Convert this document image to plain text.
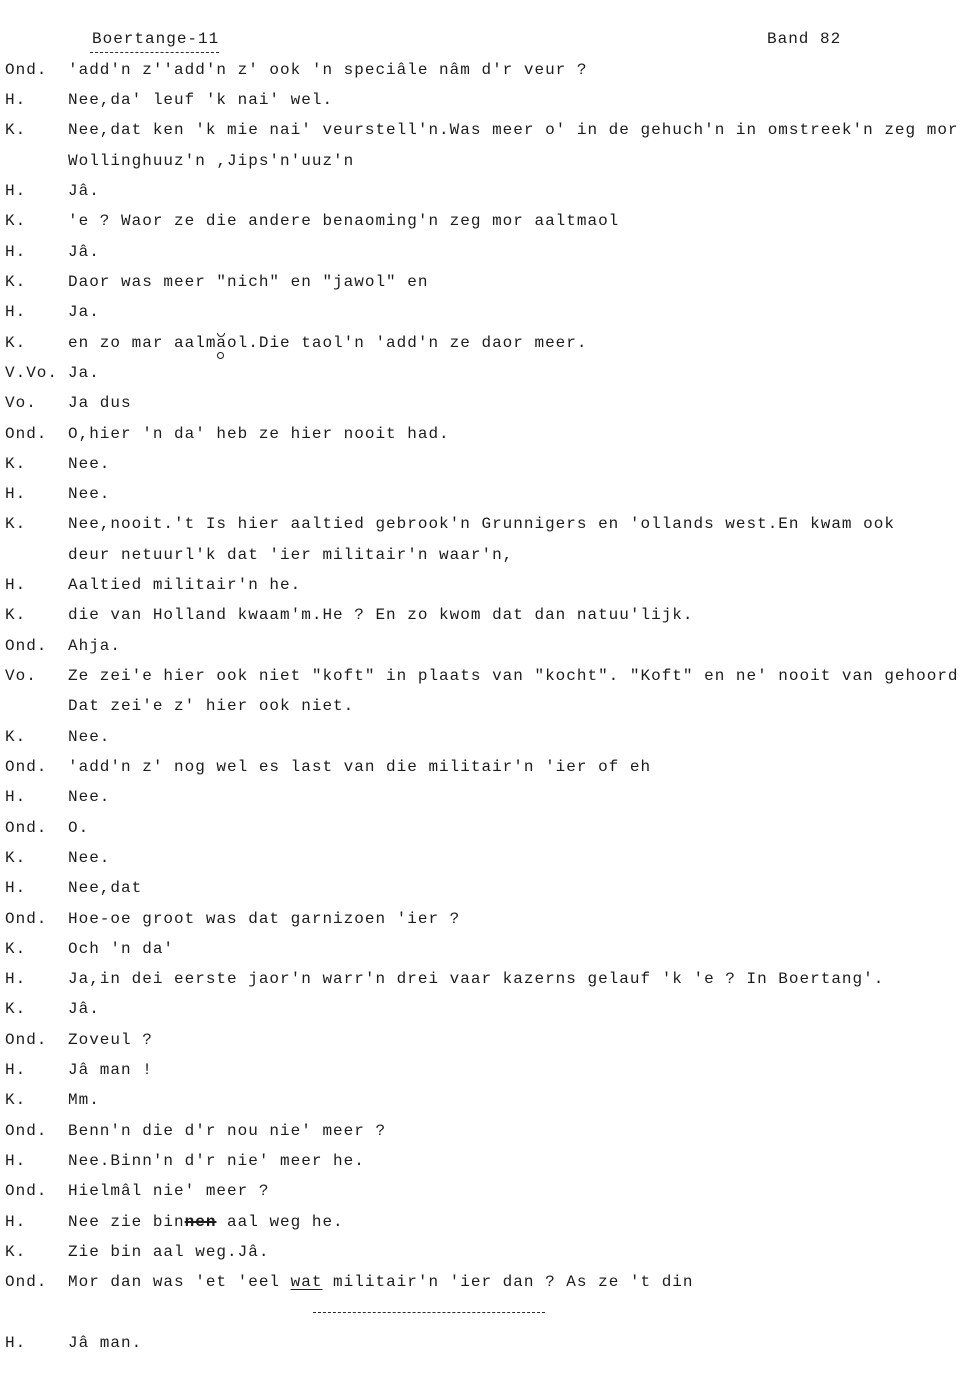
Boertange-11	Band 82
Ond. 'add'n z''add'n z' ook 'n speciâle nâm d'r veur ?
H.	Nee,da' leuf 'k nai' wel.
K.	Nee,dat ken 'k mie nai' veurstell'n.Was meer o' in de gehuch'n in omstreek'n zeg mor
Wollinghuuz'n ,Jips'n'uuz'n
H.	Jâ.
K.	'e ? Waor ze die andere benaoming'n zeg mor aaltmaol
H.	Jâ.
K.	Daor was meer "nich" en "jawol" en
H.	Ja.
K.	en zo mar aalmaol.Die taol'n 'add'n ze daor meer.
V.Vo. Ja.
Vo. Ja dus
Ond. O,hier 'n da' heb ze hier nooit had.
K.	Nee.
H.	Nee.
K.	Nee,nooit.'t Is hier aaltied gebrook'n Grunnigers en 'ollands west.En kwam ook
deur netuurl'k dat 'ier militair'n waar'n,
H.	Aaltied militair'n he.
K.	die van Holland kwaam'm.He ? En zo kwom dat dan natuu'lijk.
Ond. Ahja.
Vo. Ze zei'e hier ook niet "koft" in plaats van "kocht". "Koft" en ne' nooit van gehoord
Dat zei'e z' hier ook niet.
K.	Nee.
Ond. 'add'n z' nog wel es last van die militair'n 'ier of eh
H.	Nee.
Ond. O.
K.	Nee.
H.	Nee,dat
Ond. Hoe-oe groot was dat garnizoen 'ier ?
K.	Och 'n da'
H.	Ja,in dei eerste jaor'n warr'n drei vaar kazerns gelauf 'k 'e ? In Boertang'.
K.	Jâ.
Ond. Zoveul ?
H.	Jâ man !
K.	Mm.
Ond. Benn'n die d'r nou nie' meer ?
H.	Nee.Binn'n d'r nie' meer he.
Ond. Hielmâl nie' meer ?
H.	Nee zie binnen aal weg he.
K.	Zie bin aal weg.Jâ.
Ond. Mor dan was 'et 'eel wat militair'n 'ier dan ? As ze 't din
H.	Jâ man.
